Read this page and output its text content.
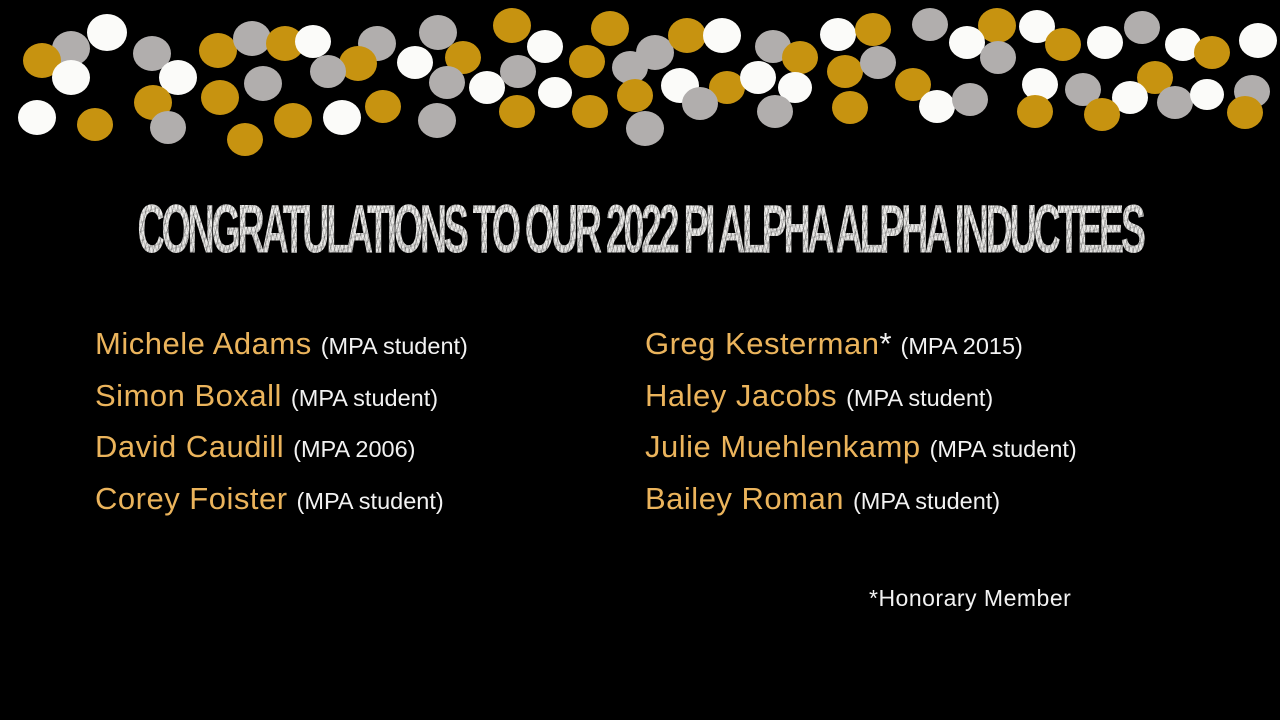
CONGRATULATIONS TO OUR 2022 PI ALPHA ALPHA INDUCTEES
Michele Adams (MPA student)
Simon Boxall (MPA student)
David Caudill (MPA 2006)
Corey Foister (MPA student)
Greg Kesterman* (MPA 2015)
Haley Jacobs (MPA student)
Julie Muehlenkamp (MPA student)
Bailey Roman (MPA student)
*Honorary Member
